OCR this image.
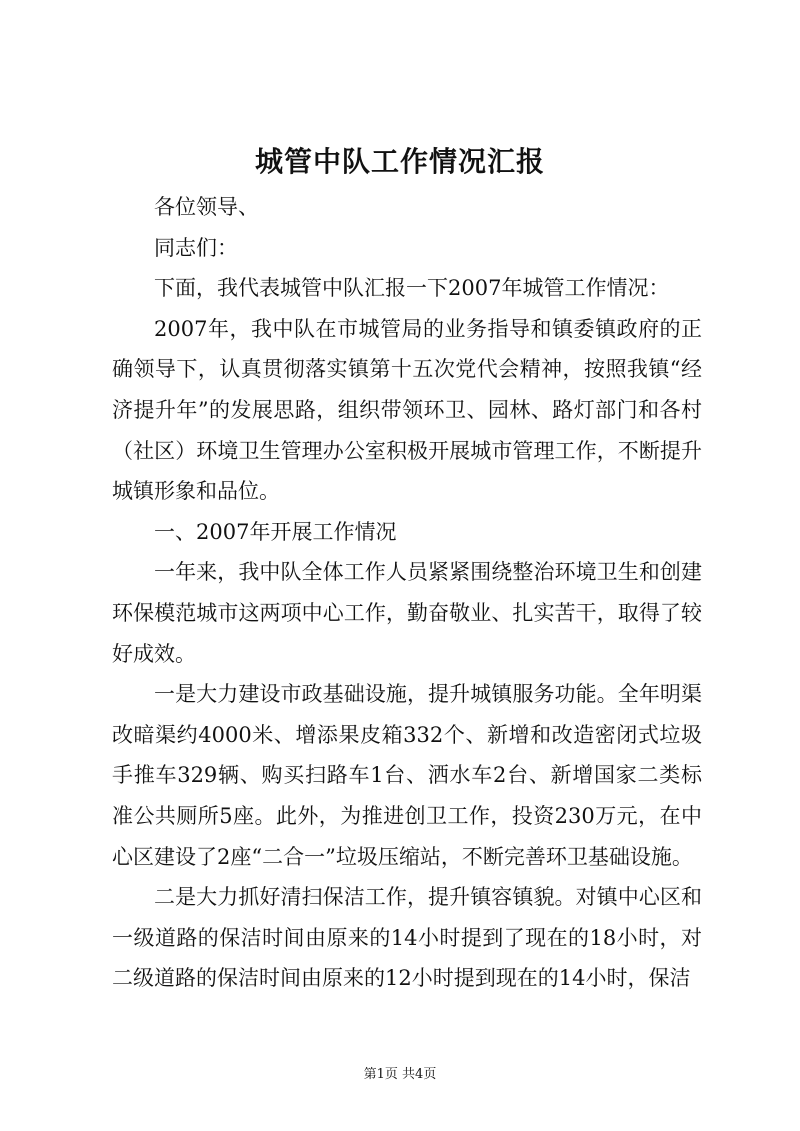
城管中队工作情况汇报

各位领导、

同志们：

下面，我代表城管中队汇报一下2007年城管工作情况：

2007年，我中队在市城管局的业务指导和镇委镇政府的正确领导下，认真贯彻落实镇第十五次党代会精神，按照我镇“经济提升年”的发展思路，组织带领环卫、园林、路灯部门和各村（社区）环境卫生管理办公室积极开展城市管理工作，不断提升城镇形象和品位。

一、2007年开展工作情况

一年来，我中队全体工作人员紧紧围绕整治环境卫生和创建环保模范城市这两项中心工作，勤奋敬业、扎实苦干，取得了较好成效。

一是大力建设市政基础设施，提升城镇服务功能。全年明渠改暗渠约4000米、增添果皮箱332个、新增和改造密闭式垃圾手推车329辆、购买扫路车1台、洒水车2台、新增国家二类标准公共厕所5座。此外，为推进创卫工作，投资230万元，在中心区建设了2座“二合一”垃圾压缩站，不断完善环卫基础设施。

二是大力抓好清扫保洁工作，提升镇容镇貌。对镇中心区和一级道路的保洁时间由原来的14小时提到了现在的18小时，对二级道路的保洁时间由原来的12小时提到现在的14小时，保洁

第1页 共4页
